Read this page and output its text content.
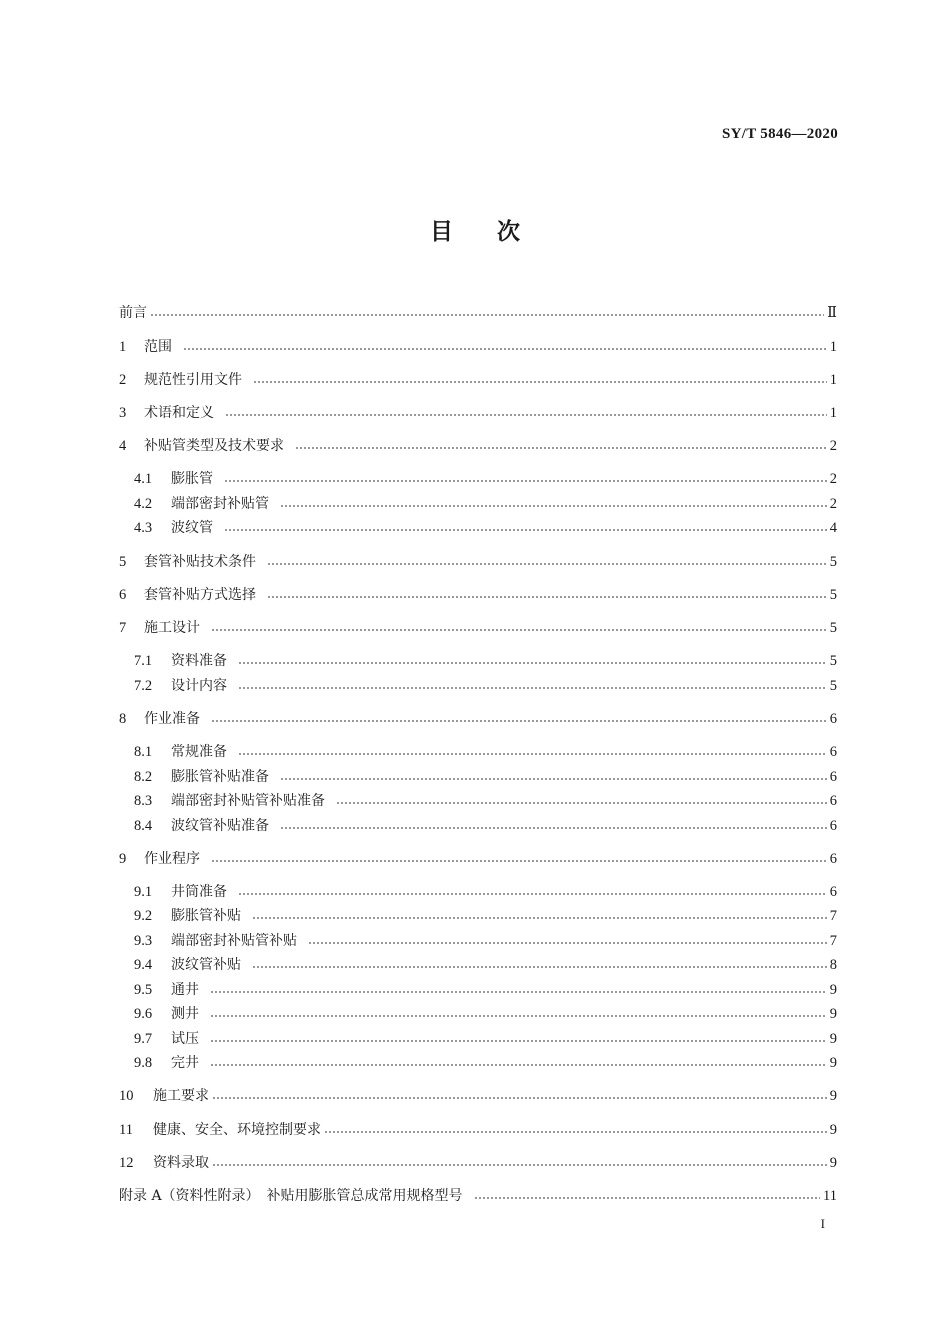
SY/T 5846—2020
目次
前言	Ⅱ
1	范围	1
2	规范性引用文件	1
3	术语和定义	1
4	补贴管类型及技术要求	2
4.1	膨胀管	2
4.2	端部密封补贴管	2
4.3	波纹管	4
5	套管补贴技术条件	5
6	套管补贴方式选择	5
7	施工设计	5
7.1	资料准备	5
7.2	设计内容	5
8	作业准备	6
8.1	常规准备	6
8.2	膨胀管补贴准备	6
8.3	端部密封补贴管补贴准备	6
8.4	波纹管补贴准备	6
9	作业程序	6
9.1	井筒准备	6
9.2	膨胀管补贴	7
9.3	端部密封补贴管补贴	7
9.4	波纹管补贴	8
9.5	通井	9
9.6	测井	9
9.7	试压	9
9.8	完井	9
10	施工要求	9
11	健康、安全、环境控制要求	9
12	资料录取	9
附录 A（资料性附录）　补贴用膨胀管总成常用规格型号	11
I
